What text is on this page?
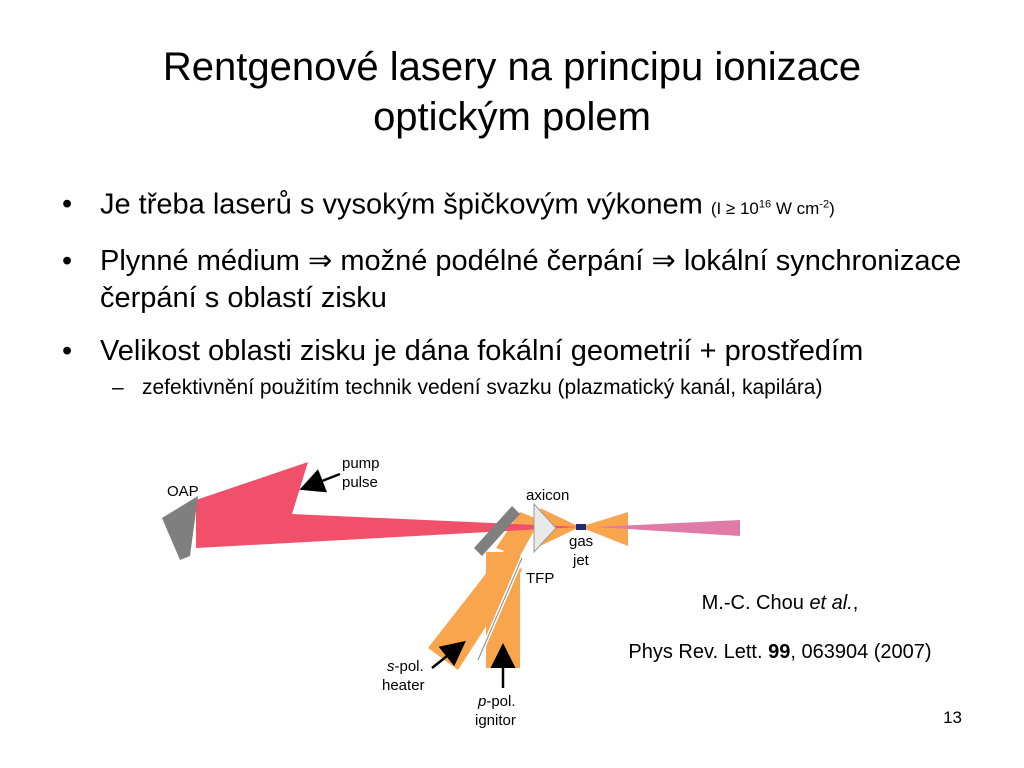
Rentgenové lasery na principu ionizace
optickým polem
• Je třeba laserů s vysokým špičkovým výkonem ($I \ge 10^{16}$ W $cm^{-2}$)
• Plynné médium ⇒ možné podélné čerpání ⇒ lokální synchronizace čerpání s oblastí zisku
• Velikost oblasti zisku je dána fokální geometrií + prostředím
– zefektivnění použitím technik vedení svazku (plazmatický kanál, kapilára)
OAP
pump
pulse
axicon
gas
jet
TFP
s-pol.
heater
p-pol.
ignitor
M.-C. Chou et al.,
Phys Rev. Lett. 99, 063904 (2007)
13
